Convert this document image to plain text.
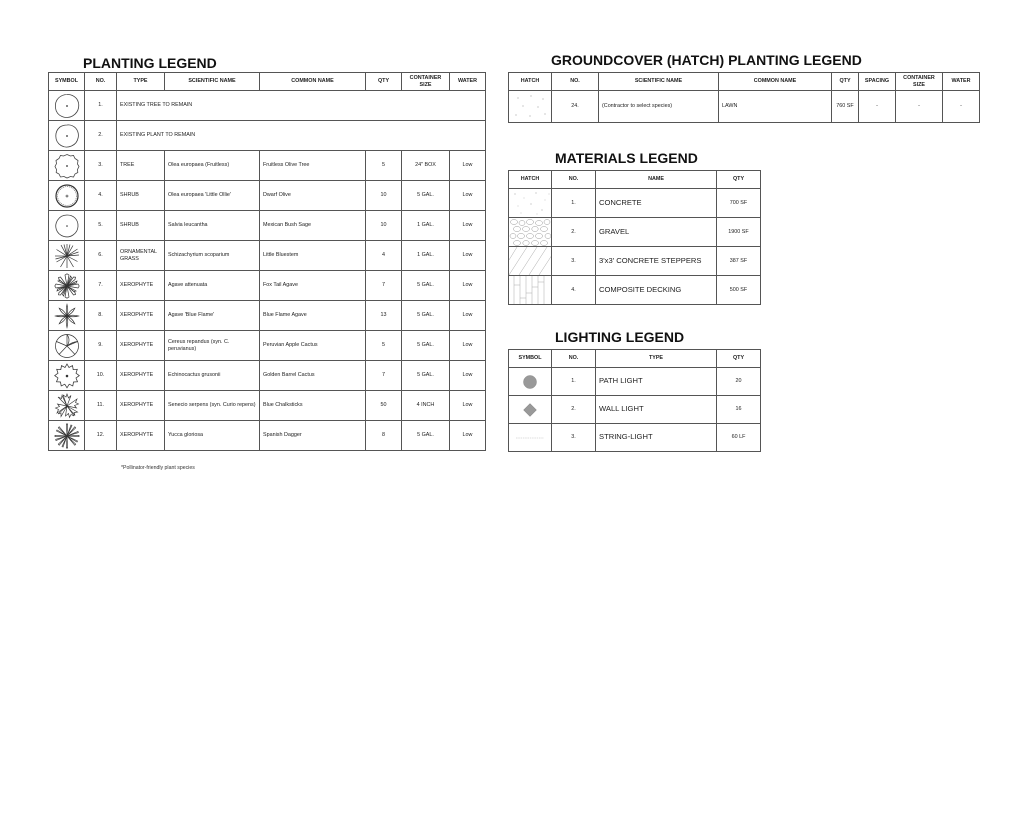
PLANTING LEGEND
SYMBOL	NO.	TYPE	SCIENTIFIC NAME	COMMON NAME	QTY	CONTAINER SIZE	WATER

	1.	EXISTING TREE TO REMAIN					

	2.	EXISTING PLANT TO REMAIN					

	3.	TREE	Olea europaea (Fruitless)	Fruitless Olive Tree	5	24" BOX	Low

	4.	SHRUB	Olea europaea 'Little Ollie'	Dwarf Olive	10	5 GAL.	Low

	5.	SHRUB	Salvia leucantha	Mexican Bush Sage	10	1 GAL.	Low

	6.	ORNAMENTAL GRASS	Schizachyrium scoparium	Little Bluestem	4	1 GAL.	Low

	7.	XEROPHYTE	Agave attenuata	Fox Tail Agave	7	5 GAL.	Low

	8.	XEROPHYTE	Agave 'Blue Flame'	Blue Flame Agave	13	5 GAL.	Low

	9.	XEROPHYTE	Cereus repandus (syn. C. peruvianus)	Peruvian Apple Cactus	5	5 GAL.	Low

	10.	XEROPHYTE	Echinocactus grusonii	Golden Barrel Cactus	7	5 GAL.	Low

	11.	XEROPHYTE	Senecio serpens (syn. Curio repens)	Blue Chalksticks	50	4 INCH	Low

	12.	XEROPHYTE	Yucca gloriosa	Spanish Dagger	8	5 GAL.	Low
*Pollinator-friendly plant species
GROUNDCOVER (HATCH) PLANTING LEGEND
HATCH	NO.	SCIENTIFIC NAME	COMMON NAME	QTY	SPACING	CONTAINER SIZE	WATER

	24.	(Contractor to select species)	LAWN	760 SF	-	-	-
MATERIALS LEGEND
HATCH	NO.	NAME	QTY

	1.	CONCRETE	700 SF

	2.	GRAVEL	1900 SF

	3.	3'x3' CONCRETE STEPPERS	387 SF

	4.	COMPOSITE DECKING	500 SF
LIGHTING LEGEND
SYMBOL	NO.	TYPE	QTY

	1.	PATH LIGHT	20

	2.	WALL LIGHT	16

	3.	STRING-LIGHT	60 LF
